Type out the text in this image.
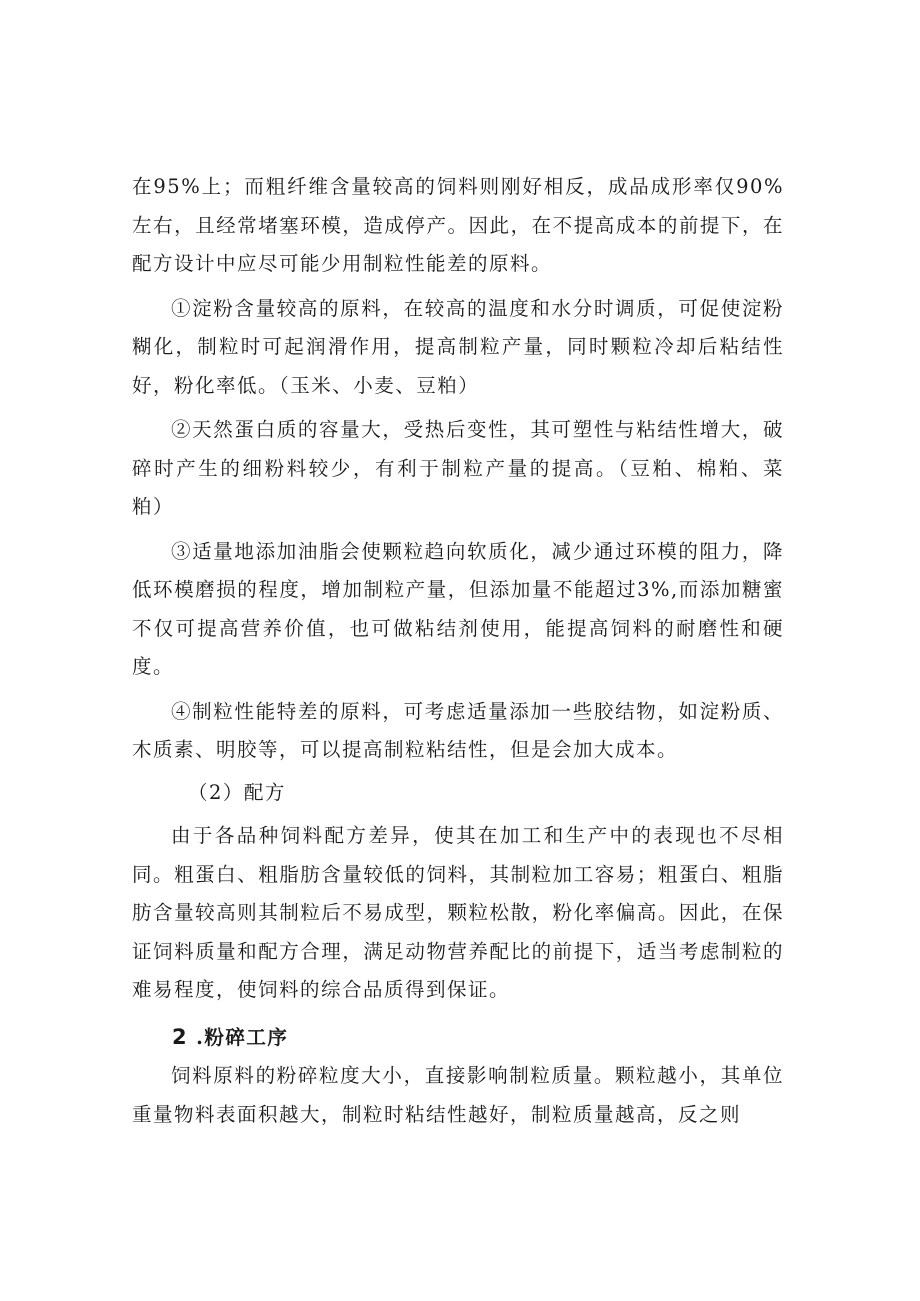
在95%上；而粗纤维含量较高的饲料则刚好相反，成品成形率仅90%左右，且经常堵塞环模，造成停产。因此，在不提高成本的前提下，在配方设计中应尽可能少用制粒性能差的原料。

①淀粉含量较高的原料，在较高的温度和水分时调质，可促使淀粉糊化，制粒时可起润滑作用，提高制粒产量，同时颗粒冷却后粘结性好，粉化率低。（玉米、小麦、豆粕）

②天然蛋白质的容量大，受热后变性，其可塑性与粘结性增大，破碎时产生的细粉料较少，有利于制粒产量的提高。（豆粕、棉粕、菜粕）

③适量地添加油脂会使颗粒趋向软质化，减少通过环模的阻力，降低环模磨损的程度，增加制粒产量，但添加量不能超过3%,而添加糖蜜不仅可提高营养价值，也可做粘结剂使用，能提高饲料的耐磨性和硬度。

④制粒性能特差的原料，可考虑适量添加一些胶结物，如淀粉质、木质素、明胶等，可以提高制粒粘结性，但是会加大成本。

（2）配方

由于各品种饲料配方差异，使其在加工和生产中的表现也不尽相同。粗蛋白、粗脂肪含量较低的饲料，其制粒加工容易；粗蛋白、粗脂肪含量较高则其制粒后不易成型，颗粒松散，粉化率偏高。因此，在保证饲料质量和配方合理，满足动物营养配比的前提下，适当考虑制粒的难易程度，使饲料的综合品质得到保证。

2 .粉碎工序

饲料原料的粉碎粒度大小，直接影响制粒质量。颗粒越小，其单位重量物料表面积越大，制粒时粘结性越好，制粒质量越高，反之则
